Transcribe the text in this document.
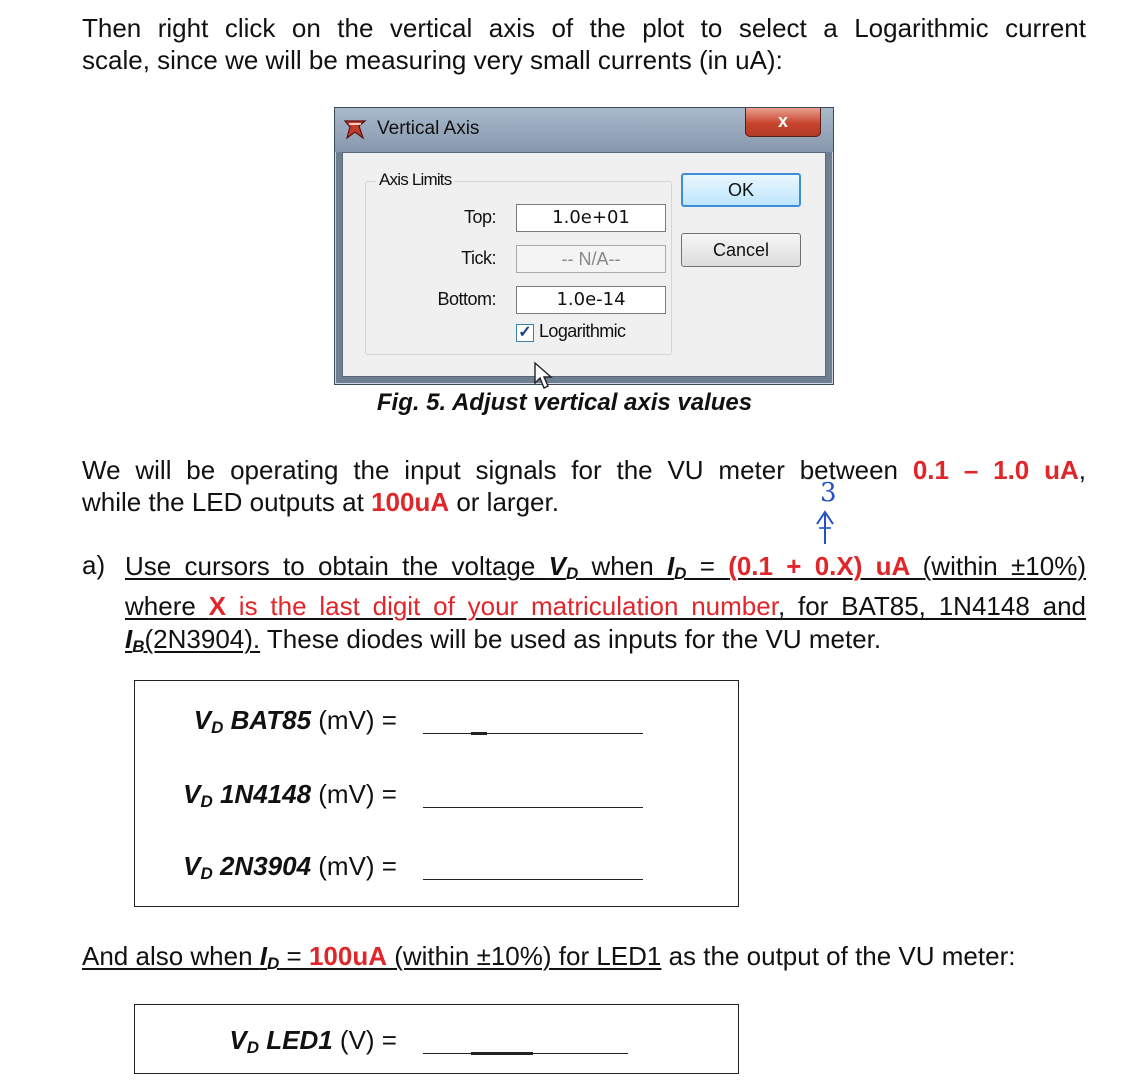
Then right click on the vertical axis of the plot to select a Logarithmic current
scale, since we will be measuring very small currents (in uA):
Vertical Axis	x
Axis Limits
Top:	1.0e+01
Tick:	-- N/A--
Bottom:	1.0e-14
✓ Logarithmic
OK
Cancel
Fig. 5. Adjust vertical axis values
We will be operating the input signals for the VU meter between 0.1 – 1.0 uA,
while the LED outputs at 100uA or larger.	3
a) Use cursors to obtain the voltage $V_D$ when $I_D = (0.1 + 0.X)$ uA (within ±10%)
where X is the last digit of your matriculation number, for BAT85, 1N4148 and
$I_B(2N3904)$. These diodes will be used as inputs for the VU meter.
$V_D$ BAT85 (mV) =
$V_D$ 1N4148 (mV) =
$V_D$ 2N3904 (mV) =
And also when $I_D = 100uA$ (within ±10%) for LED1 as the output of the VU meter:
$V_D$ LED1 (V) =
